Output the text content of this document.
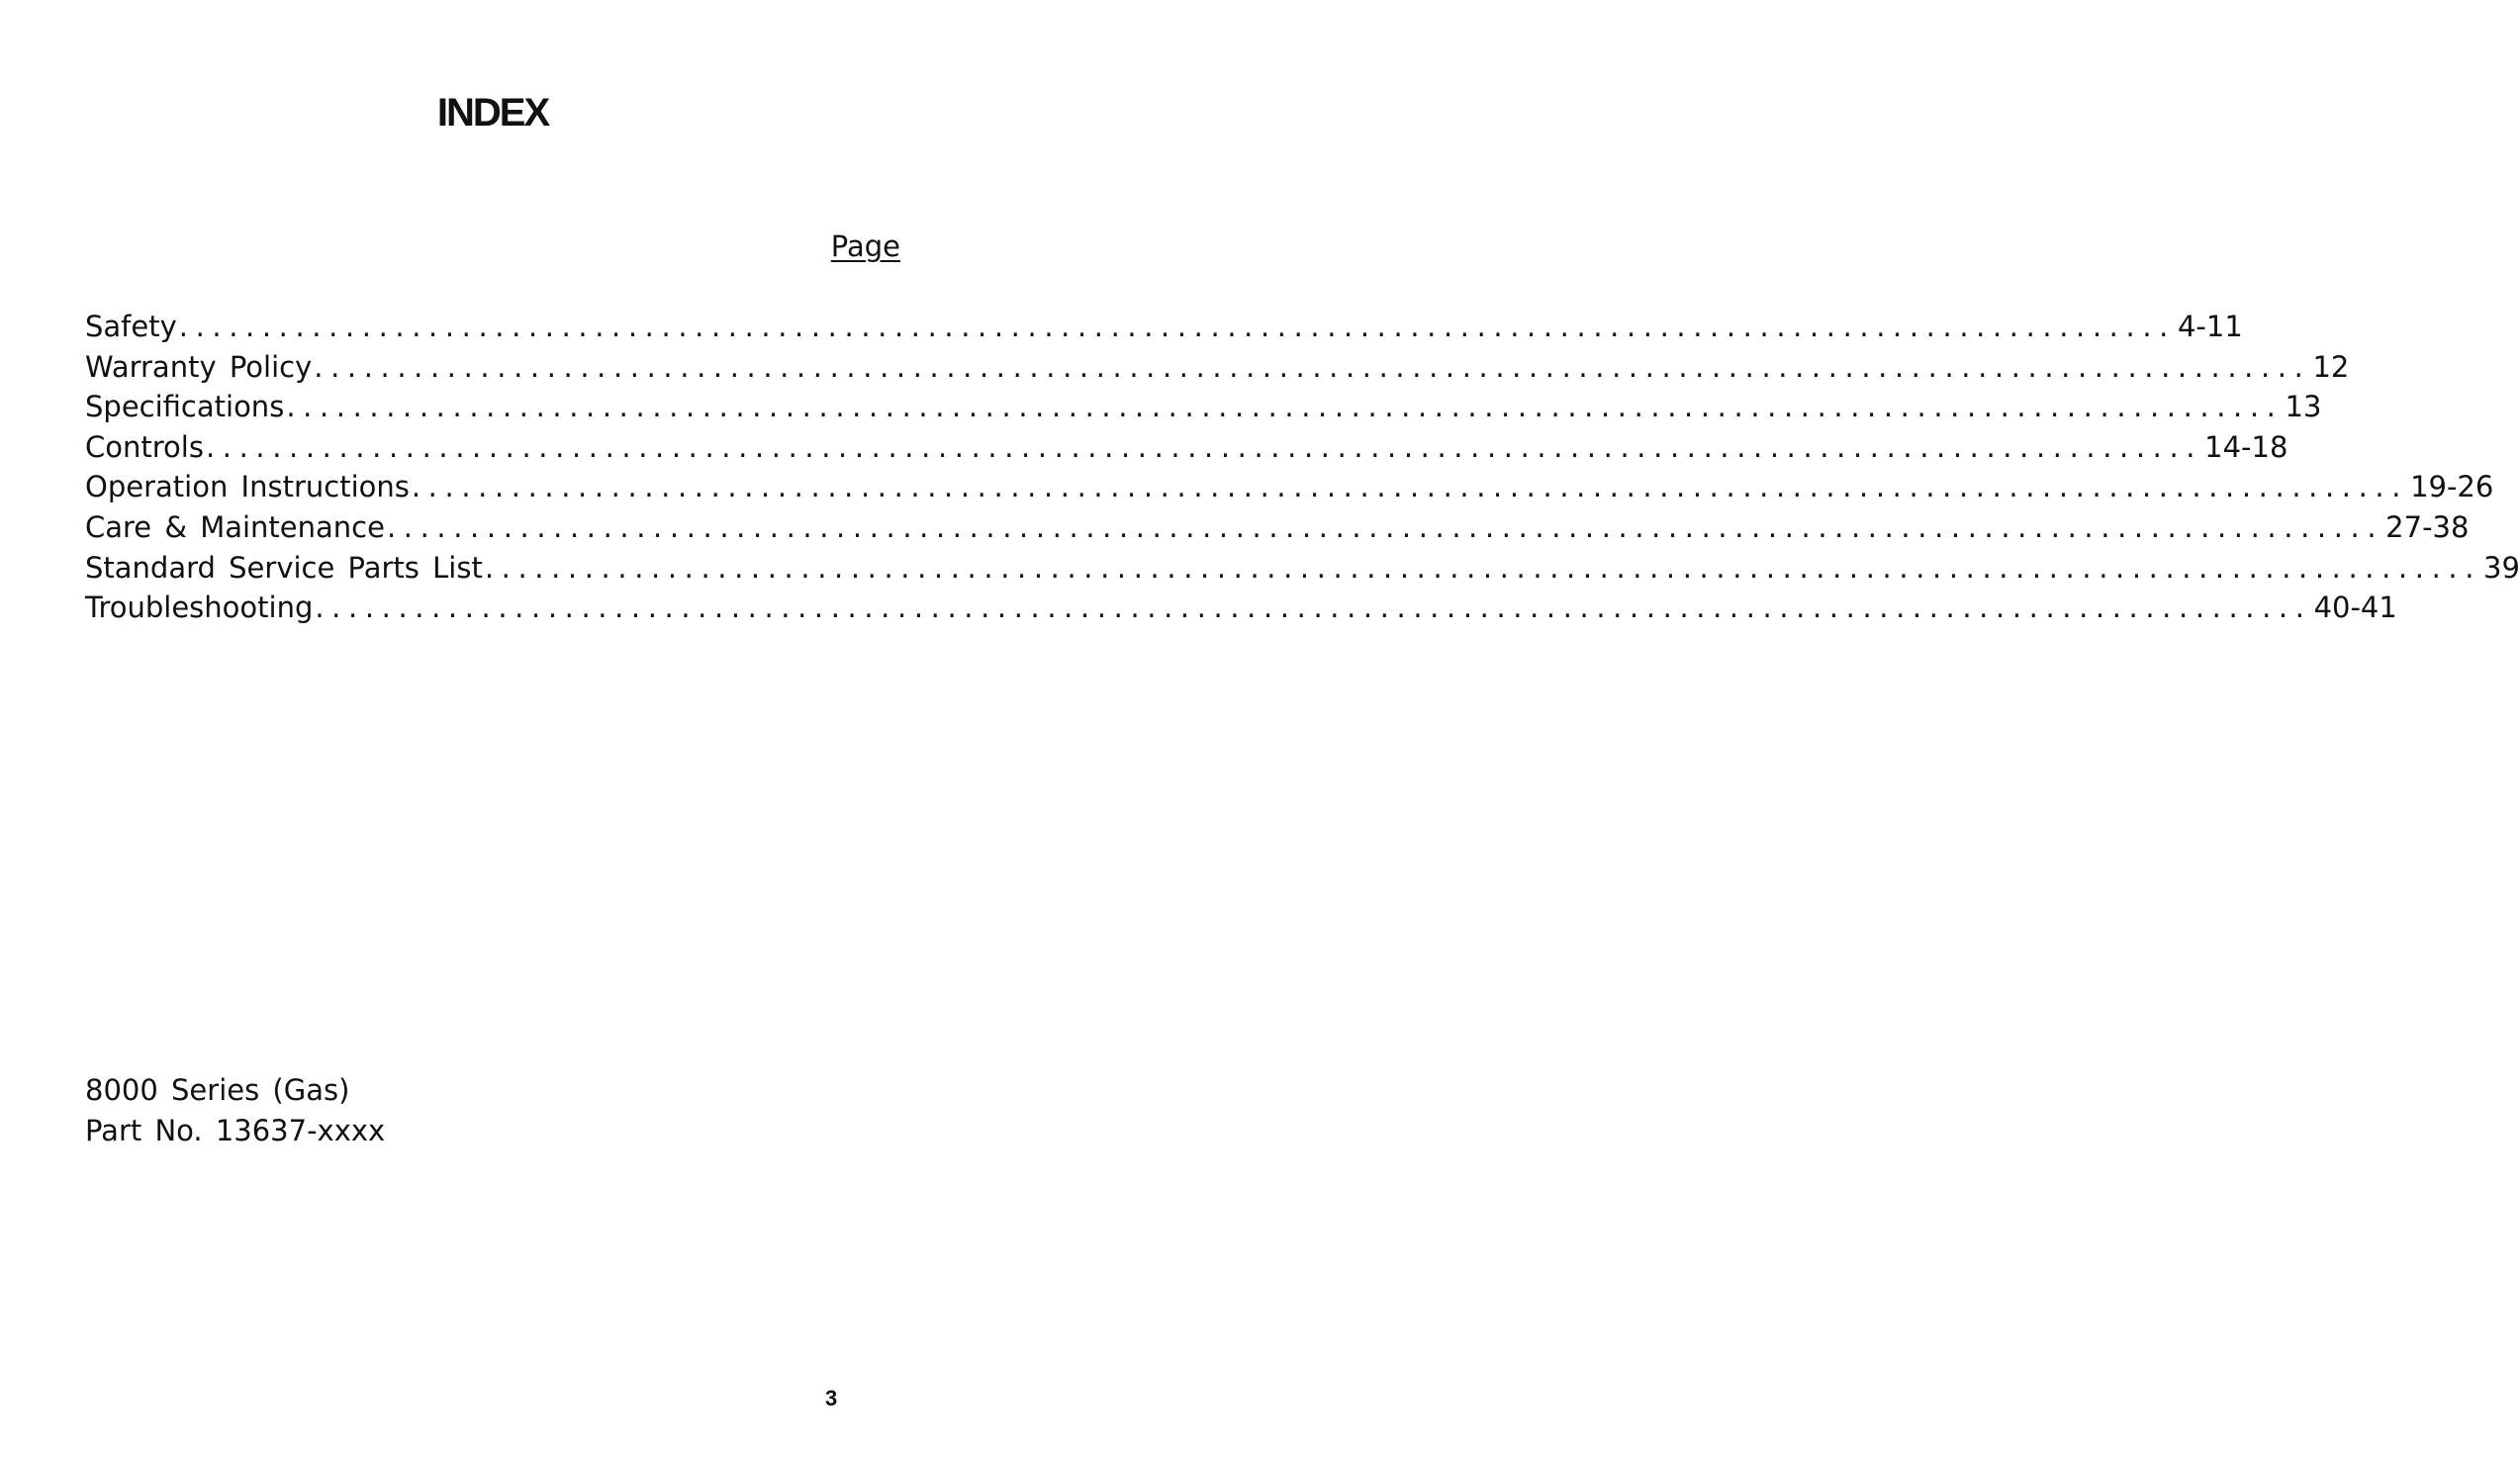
INDEX
Page
Safety ........................................................................................................................ 4-11
Warranty Policy ........................................................................................................................ 12
Specifications ........................................................................................................................ 13
Controls ........................................................................................................................ 14-18
Operation Instructions ........................................................................................................................ 19-26
Care & Maintenance ........................................................................................................................ 27-38
Standard Service Parts List ........................................................................................................................ 39
Troubleshooting ........................................................................................................................ 40-41
8000 Series (Gas)
Part No. 13637-xxxx
3
